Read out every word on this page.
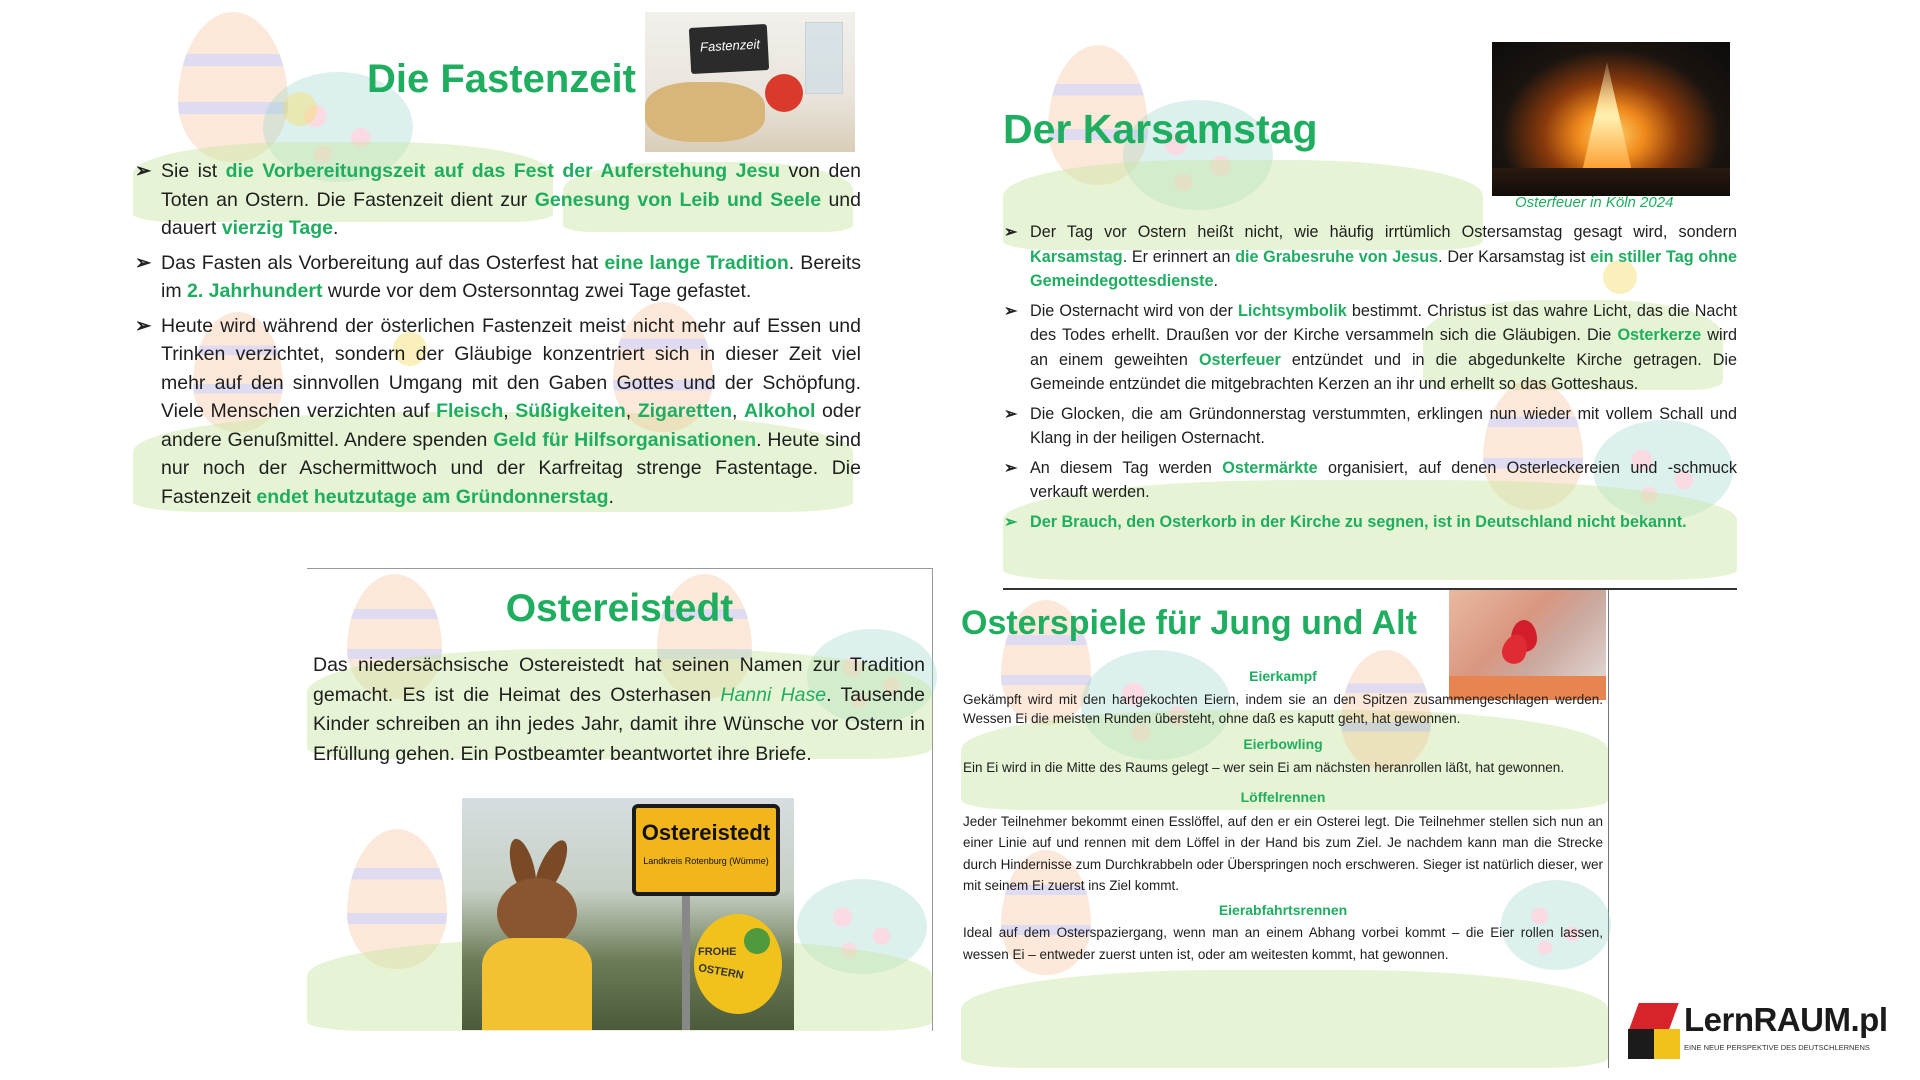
Fastenzeit
Die Fastenzeit
➢ Sie ist die Vorbereitungszeit auf das Fest der Auferstehung Jesu von den Toten an Ostern. Die Fastenzeit dient zur Genesung von Leib und Seele und dauert vierzig Tage.
➢ Das Fasten als Vorbereitung auf das Osterfest hat eine lange Tradition. Bereits im 2. Jahrhundert wurde vor dem Ostersonntag zwei Tage gefastet.
➢ Heute wird während der österlichen Fastenzeit meist nicht mehr auf Essen und Trinken verzichtet, sondern der Gläubige konzentriert sich in dieser Zeit viel mehr auf den sinnvollen Umgang mit den Gaben Gottes und der Schöpfung. Viele Menschen verzichten auf Fleisch, Süßigkeiten, Zigaretten, Alkohol oder andere Genußmittel. Andere spenden Geld für Hilfsorganisationen. Heute sind nur noch der Aschermittwoch und der Karfreitag strenge Fastentage. Die Fastenzeit endet heutzutage am Gründonnerstag.
Der Karsamstag
Osterfeuer in Köln 2024
➢ Der Tag vor Ostern heißt nicht, wie häufig irrtümlich Ostersamstag gesagt wird, sondern Karsamstag. Er erinnert an die Grabesruhe von Jesus. Der Karsamstag ist ein stiller Tag ohne Gemeindegottesdienste.
➢ Die Osternacht wird von der Lichtsymbolik bestimmt. Christus ist das wahre Licht, das die Nacht des Todes erhellt. Draußen vor der Kirche versammeln sich die Gläubigen. Die Osterkerze wird an einem geweihten Osterfeuer entzündet und in die abgedunkelte Kirche getragen. Die Gemeinde entzündet die mitgebrachten Kerzen an ihr und erhellt so das Gotteshaus.
➢ Die Glocken, die am Gründonnerstag verstummten, erklingen nun wieder mit vollem Schall und Klang in der heiligen Osternacht.
➢ An diesem Tag werden Ostermärkte organisiert, auf denen Osterleckereien und -schmuck verkauft werden.
➢ Der Brauch, den Osterkorb in der Kirche zu segnen, ist in Deutschland nicht bekannt.
Ostereistedt

Das niedersächsische Ostereistedt hat seinen Namen zur Tradition gemacht. Es ist die Heimat des Osterhasen Hanni Hase. Tausende Kinder schreiben an ihn jedes Jahr, damit ihre Wünsche vor Ostern in Erfüllung gehen. Ein Postbeamter beantwortet ihre Briefe.

Ostereistedt
Landkreis Rotenburg (Wümme)
FROHE
OSTERN
Osterspiele für Jung und Alt

Eierkampf

Gekämpft wird mit den hartgekochten Eiern, indem sie an den Spitzen zusammengeschlagen werden. Wessen Ei die meisten Runden übersteht, ohne daß es kaputt geht, hat gewonnen.

Eierbowling

Ein Ei wird in die Mitte des Raums gelegt – wer sein Ei am nächsten heranrollen läßt, hat gewonnen.

Löffelrennen

Jeder Teilnehmer bekommt einen Esslöffel, auf den er ein Osterei legt. Die Teilnehmer stellen sich nun an einer Linie auf und rennen mit dem Löffel in der Hand bis zum Ziel. Je nachdem kann man die Strecke durch Hindernisse zum Durchkrabbeln oder Überspringen noch erschweren. Sieger ist natürlich dieser, wer mit seinem Ei zuerst ins Ziel kommt.

Eierabfahrtsrennen

Ideal auf dem Osterspaziergang, wenn man an einem Abhang vorbei kommt – die Eier rollen lassen, wessen Ei – entweder zuerst unten ist, oder am weitesten kommt, hat gewonnen.

LernRAUM.pl
EINE NEUE PERSPEKTIVE DES DEUTSCHLERNENS
